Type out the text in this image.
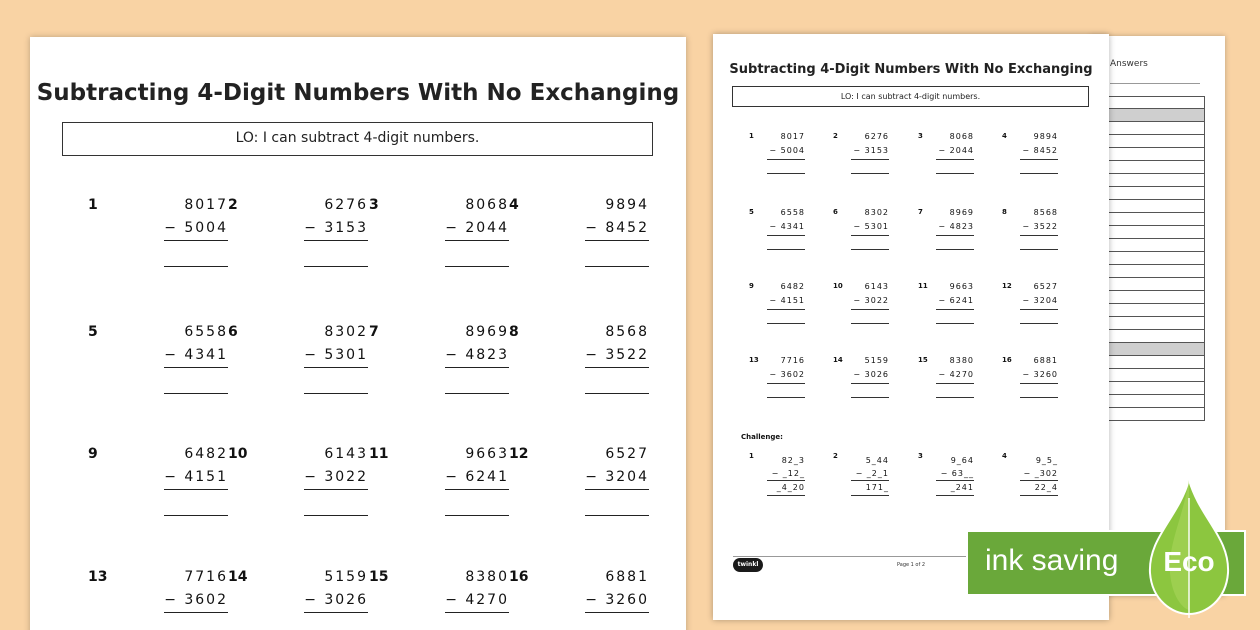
Answers
Subtracting 4-Digit Numbers With No Exchanging
LO: I can subtract 4-digit numbers.
1	8017
− 5004
2	6276
− 3153
3	8068
− 2044
4	9894
− 8452
5	6558
− 4341
6	8302
− 5301
7	8969
− 4823
8	8568
− 3522
9	6482
− 4151
10	6143
− 3022
11	9663
− 6241
12	6527
− 3204
13	7716
− 3602
14	5159
− 3026
15	8380
− 4270
16	6881
− 3260
Subtracting 4-Digit Numbers With No Exchanging
LO: I can subtract 4-digit numbers.
1	8017
− 5004
2	6276
− 3153
3	8068
− 2044
4	9894
− 8452
5	6558
− 4341
6	8302
− 5301
7	8969
− 4823
8	8568
− 3522
9	6482
− 4151
10	6143
− 3022
11	9663
− 6241
12	6527
− 3204
13	7716
− 3602
14	5159
− 3026
15	8380
− 4270
16	6881
− 3260
Challenge:
1	82_3
− _12_
_4_20
2	5_44
− _2_1
171_
3	9_64
− 63__
_241
4	9_5_
− _302
22_4
twinkl	Page 1 of 2	ink saving	Eco
